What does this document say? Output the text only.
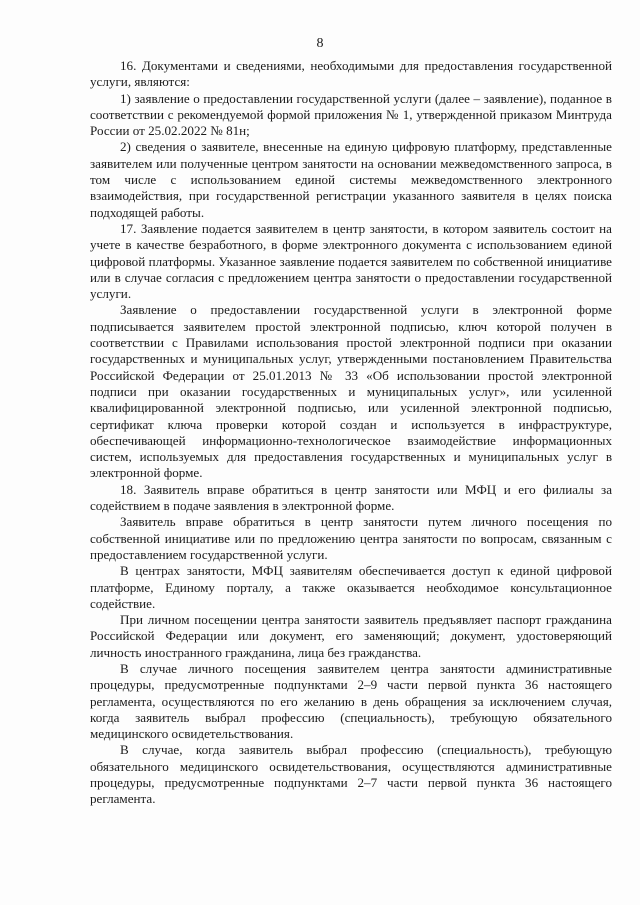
8

16. Документами и сведениями, необходимыми для предоставления государственной услуги, являются:

1) заявление о предоставлении государственной услуги (далее – заявление), поданное в соответствии с рекомендуемой формой приложения № 1, утвержденной приказом Минтруда России от 25.02.2022 № 81н;

2) сведения о заявителе, внесенные на единую цифровую платформу, представленные заявителем или полученные центром занятости на основании межведомственного запроса, в том числе с использованием единой системы межведомственного электронного взаимодействия, при государственной регистрации указанного заявителя в целях поиска подходящей работы.

17. Заявление подается заявителем в центр занятости, в котором заявитель состоит на учете в качестве безработного, в форме электронного документа с использованием единой цифровой платформы. Указанное заявление подается заявителем по собственной инициативе или в случае согласия с предложением центра занятости о предоставлении государственной услуги.

Заявление о предоставлении государственной услуги в электронной форме подписывается заявителем простой электронной подписью, ключ которой получен в соответствии с Правилами использования простой электронной подписи при оказании государственных и муниципальных услуг, утвержденными постановлением Правительства Российской Федерации от 25.01.2013 № 33 «Об использовании простой электронной подписи при оказании государственных и муниципальных услуг», или усиленной квалифицированной электронной подписью, или усиленной электронной подписью, сертификат ключа проверки которой создан и используется в инфраструктуре, обеспечивающей информационно-технологическое взаимодействие информационных систем, используемых для предоставления государственных и муниципальных услуг в электронной форме.

18. Заявитель вправе обратиться в центр занятости или МФЦ и его филиалы за содействием в подаче заявления в электронной форме.

Заявитель вправе обратиться в центр занятости путем личного посещения по собственной инициативе или по предложению центра занятости по вопросам, связанным с предоставлением государственной услуги.

В центрах занятости, МФЦ заявителям обеспечивается доступ к единой цифровой платформе, Единому порталу, а также оказывается необходимое консультационное содействие.

При личном посещении центра занятости заявитель предъявляет паспорт гражданина Российской Федерации или документ, его заменяющий; документ, удостоверяющий личность иностранного гражданина, лица без гражданства.

В случае личного посещения заявителем центра занятости административные процедуры, предусмотренные подпунктами 2–9 части первой пункта 36 настоящего регламента, осуществляются по его желанию в день обращения за исключением случая, когда заявитель выбрал профессию (специальность), требующую обязательного медицинского освидетельствования.

В случае, когда заявитель выбрал профессию (специальность), требующую обязательного медицинского освидетельствования, осуществляются административные процедуры, предусмотренные подпунктами 2–7 части первой пункта 36 настоящего регламента.
